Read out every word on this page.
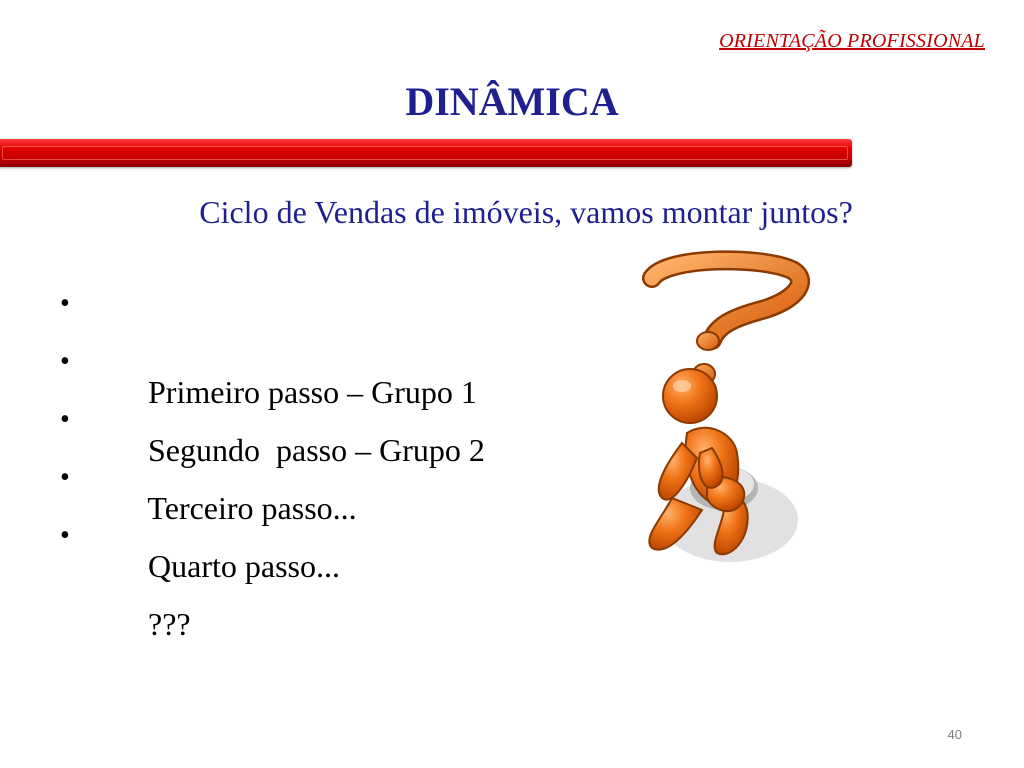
ORIENTAÇÃO PROFISSIONAL
DINÂMICA
Ciclo de Vendas de imóveis, vamos montar juntos?

•

Primeiro passo – Grupo 1

•

Segundo  passo – Grupo 2

•

Terceiro passo...

•

Quarto passo...

•

???

40
